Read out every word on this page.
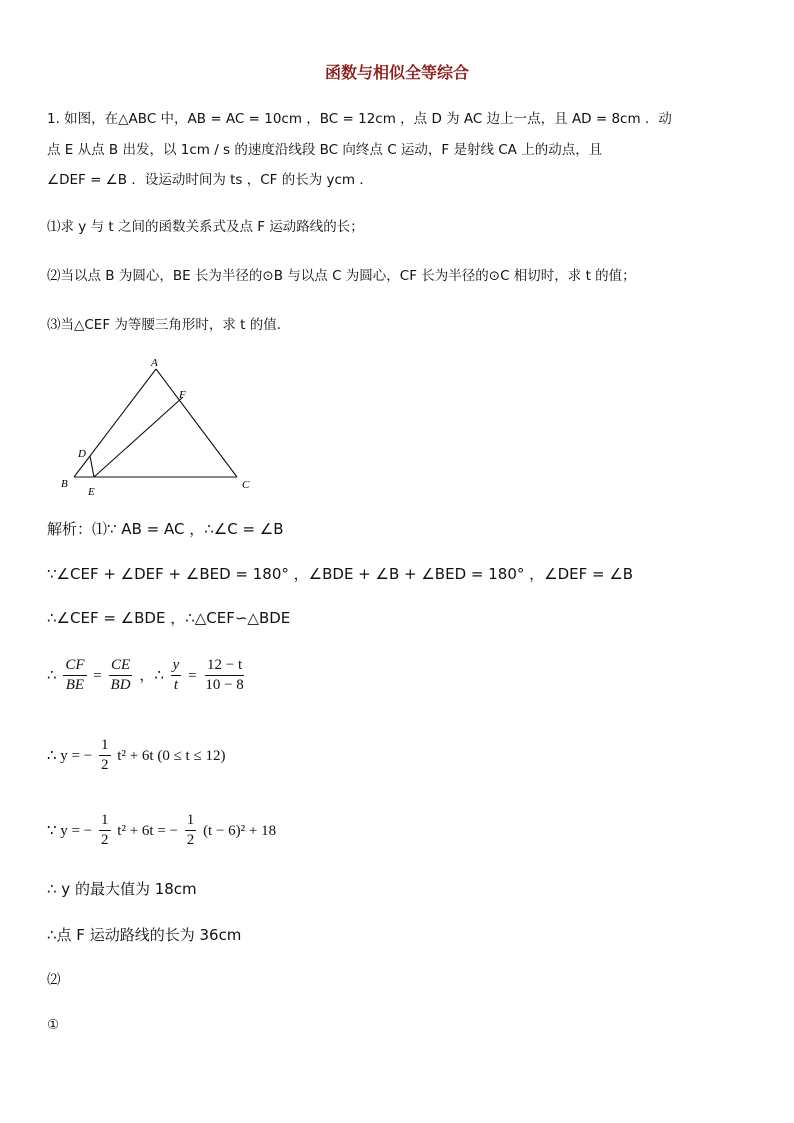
函数与相似全等综合
1. 如图，在△ABC 中，AB = AC = 10cm ，BC = 12cm ，点 D 为 AC 边上一点，且 AD = 8cm ．动
点 E 从点 B 出发，以 1cm / s 的速度沿线段 BC 向终点 C 运动，F 是射线 CA 上的动点，且
∠DEF = ∠B ．设运动时间为 ts ，CF 的长为 ycm ．
⑴求 y 与 t 之间的函数关系式及点 F 运动路线的长；
⑵当以点 B 为圆心，BE 长为半径的⊙B 与以点 C 为圆心，CF 长为半径的⊙C 相切时，求 t 的值；
⑶当△CEF 为等腰三角形时，求 t 的值．
A
F
D
B
E
C
解析：⑴∵ AB = AC ，∴∠C = ∠B
∵∠CEF + ∠DEF + ∠BED = 180° ，∠BDE + ∠B + ∠BED = 180° ，∠DEF = ∠B
∴∠CEF = ∠BDE ，∴△CEF∽△BDE
∴ $\frac{CF}{BE} = \frac{CE}{BD}$ ，∴ $\frac{y}{t} = \frac{12 - t}{10 - 8}$
∴ y = − $\frac{1}{2} t^2 + 6t$ (0 ≤ t ≤ 12)
∵ y = − $\frac{1}{2} t^2 + 6t$ = − $\frac{1}{2} (t - 6)^2 + 18$
∴ y 的最大值为 18cm
∴点 F 运动路线的长为 36cm
⑵
①
